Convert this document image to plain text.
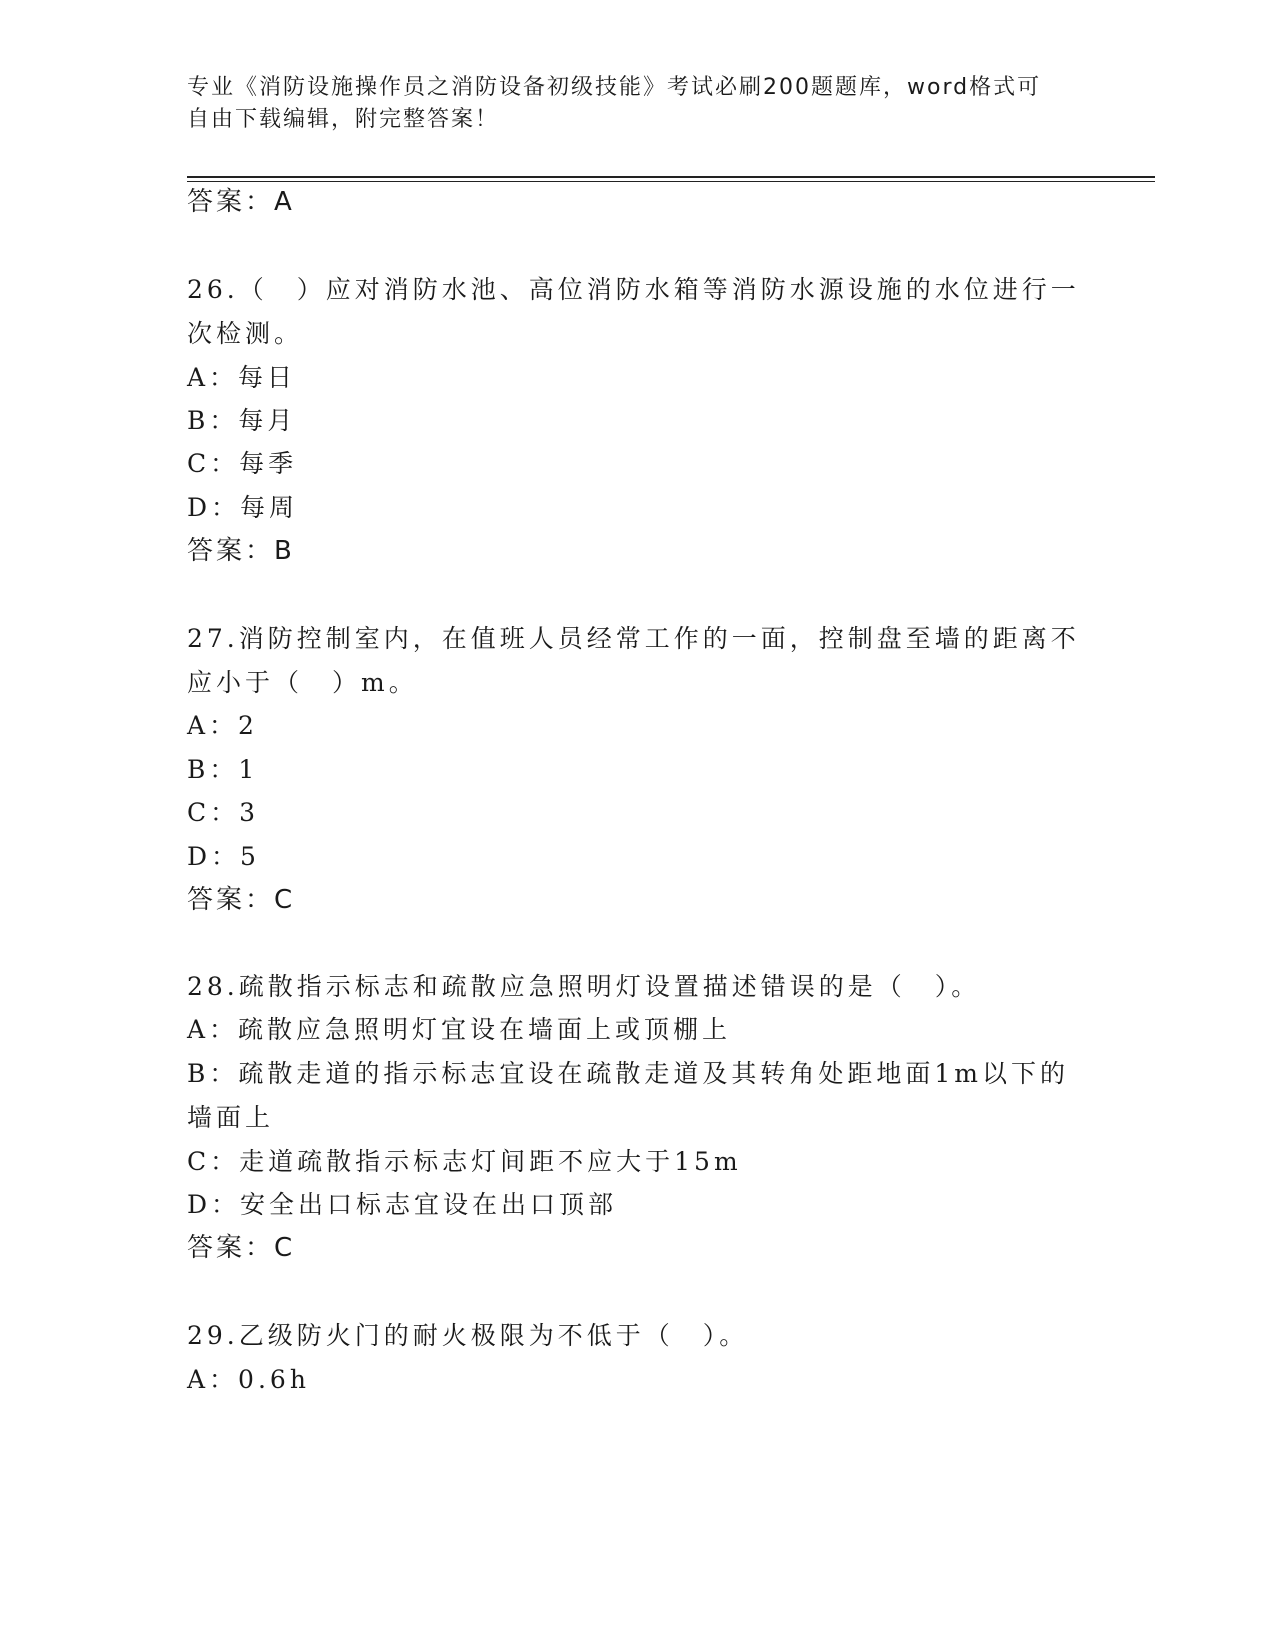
专业《消防设施操作员之消防设备初级技能》考试必刷200题题库，word格式可
自由下载编辑，附完整答案！
答案：A
26.（　）应对消防水池、高位消防水箱等消防水源设施的水位进行一
次检测。
A：每日
B：每月
C：每季
D：每周
答案：B
27.消防控制室内，在值班人员经常工作的一面，控制盘至墙的距离不
应小于（　）m。
A：2
B：1
C：3
D：5
答案：C
28.疏散指示标志和疏散应急照明灯设置描述错误的是（　）。
A：疏散应急照明灯宜设在墙面上或顶棚上
B：疏散走道的指示标志宜设在疏散走道及其转角处距地面1m以下的
墙面上
C：走道疏散指示标志灯间距不应大于15m
D：安全出口标志宜设在出口顶部
答案：C
29.乙级防火门的耐火极限为不低于（　）。
A：0.6h
